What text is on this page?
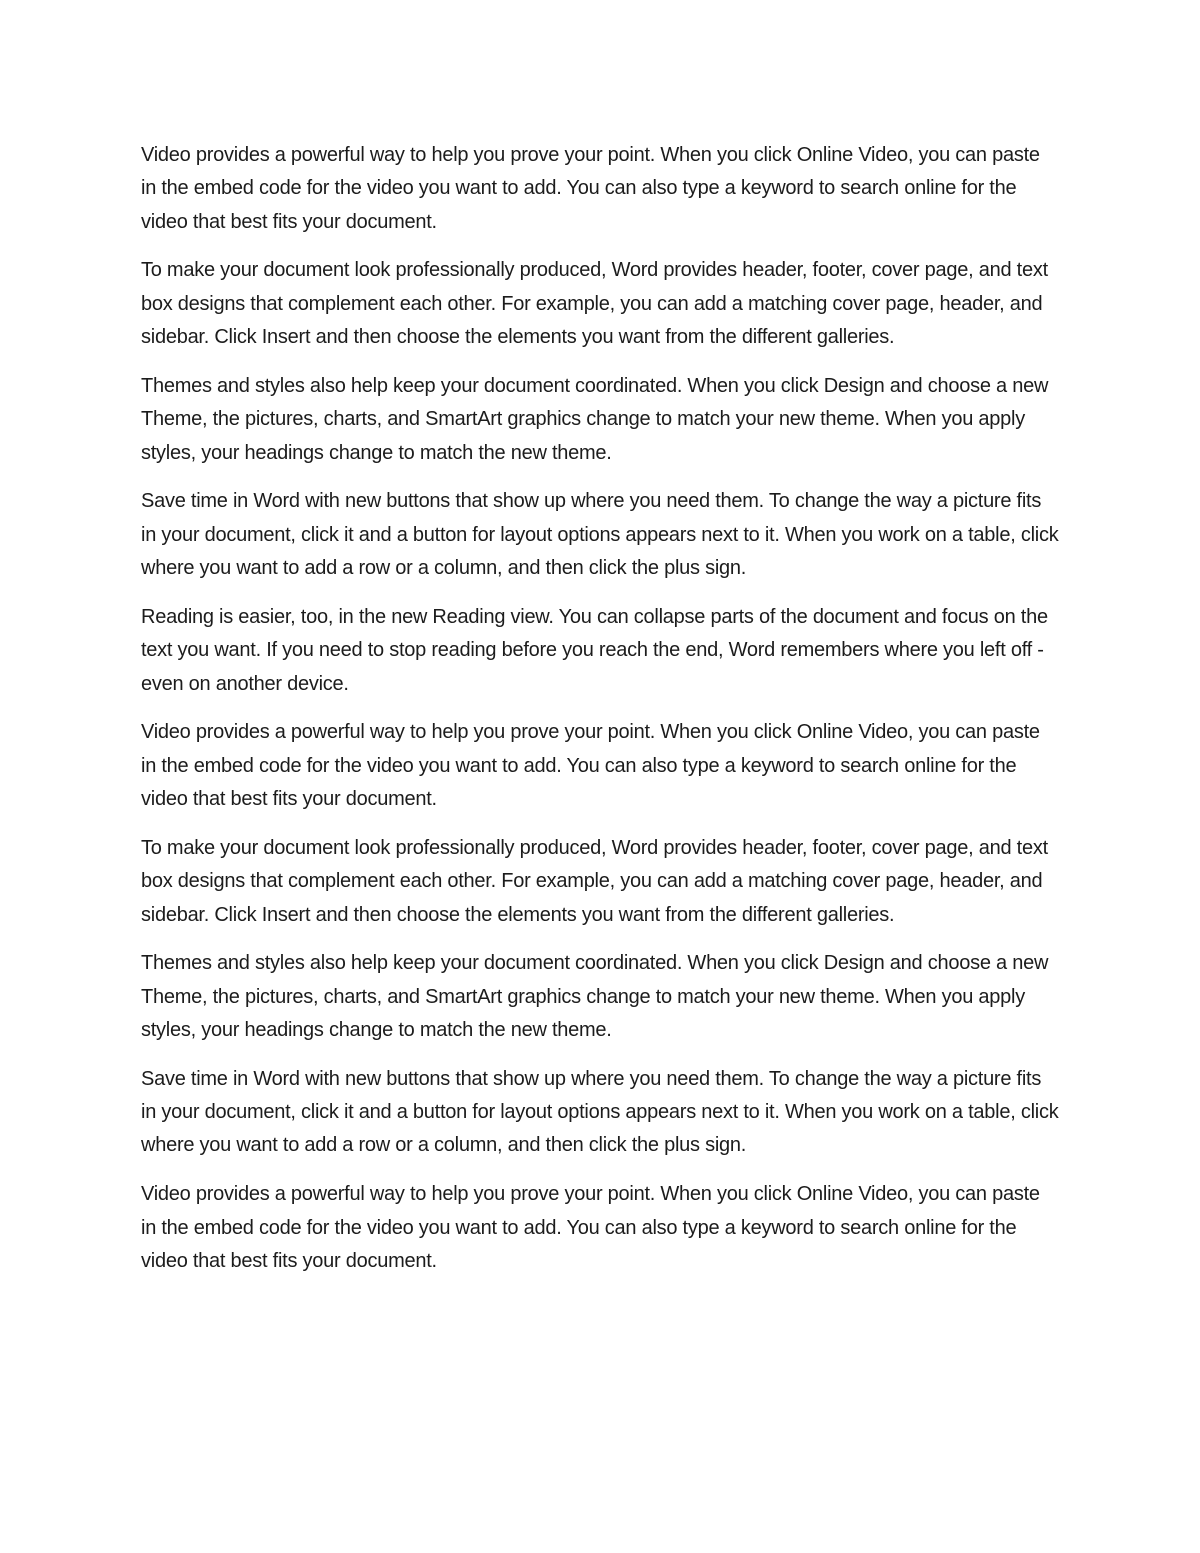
Video provides a powerful way to help you prove your point. When you click Online Video, you can paste in the embed code for the video you want to add. You can also type a keyword to search online for the video that best fits your document.

To make your document look professionally produced, Word provides header, footer, cover page, and text box designs that complement each other. For example, you can add a matching cover page, header, and sidebar. Click Insert and then choose the elements you want from the different galleries.

Themes and styles also help keep your document coordinated. When you click Design and choose a new Theme, the pictures, charts, and SmartArt graphics change to match your new theme. When you apply styles, your headings change to match the new theme.

Save time in Word with new buttons that show up where you need them. To change the way a picture fits in your document, click it and a button for layout options appears next to it. When you work on a table, click where you want to add a row or a column, and then click the plus sign.

Reading is easier, too, in the new Reading view. You can collapse parts of the document and focus on the text you want. If you need to stop reading before you reach the end, Word remembers where you left off - even on another device.

Video provides a powerful way to help you prove your point. When you click Online Video, you can paste in the embed code for the video you want to add. You can also type a keyword to search online for the video that best fits your document.

To make your document look professionally produced, Word provides header, footer, cover page, and text box designs that complement each other. For example, you can add a matching cover page, header, and sidebar. Click Insert and then choose the elements you want from the different galleries.

Themes and styles also help keep your document coordinated. When you click Design and choose a new Theme, the pictures, charts, and SmartArt graphics change to match your new theme. When you apply styles, your headings change to match the new theme.

Save time in Word with new buttons that show up where you need them. To change the way a picture fits in your document, click it and a button for layout options appears next to it. When you work on a table, click where you want to add a row or a column, and then click the plus sign.

Video provides a powerful way to help you prove your point. When you click Online Video, you can paste in the embed code for the video you want to add. You can also type a keyword to search online for the video that best fits your document.
